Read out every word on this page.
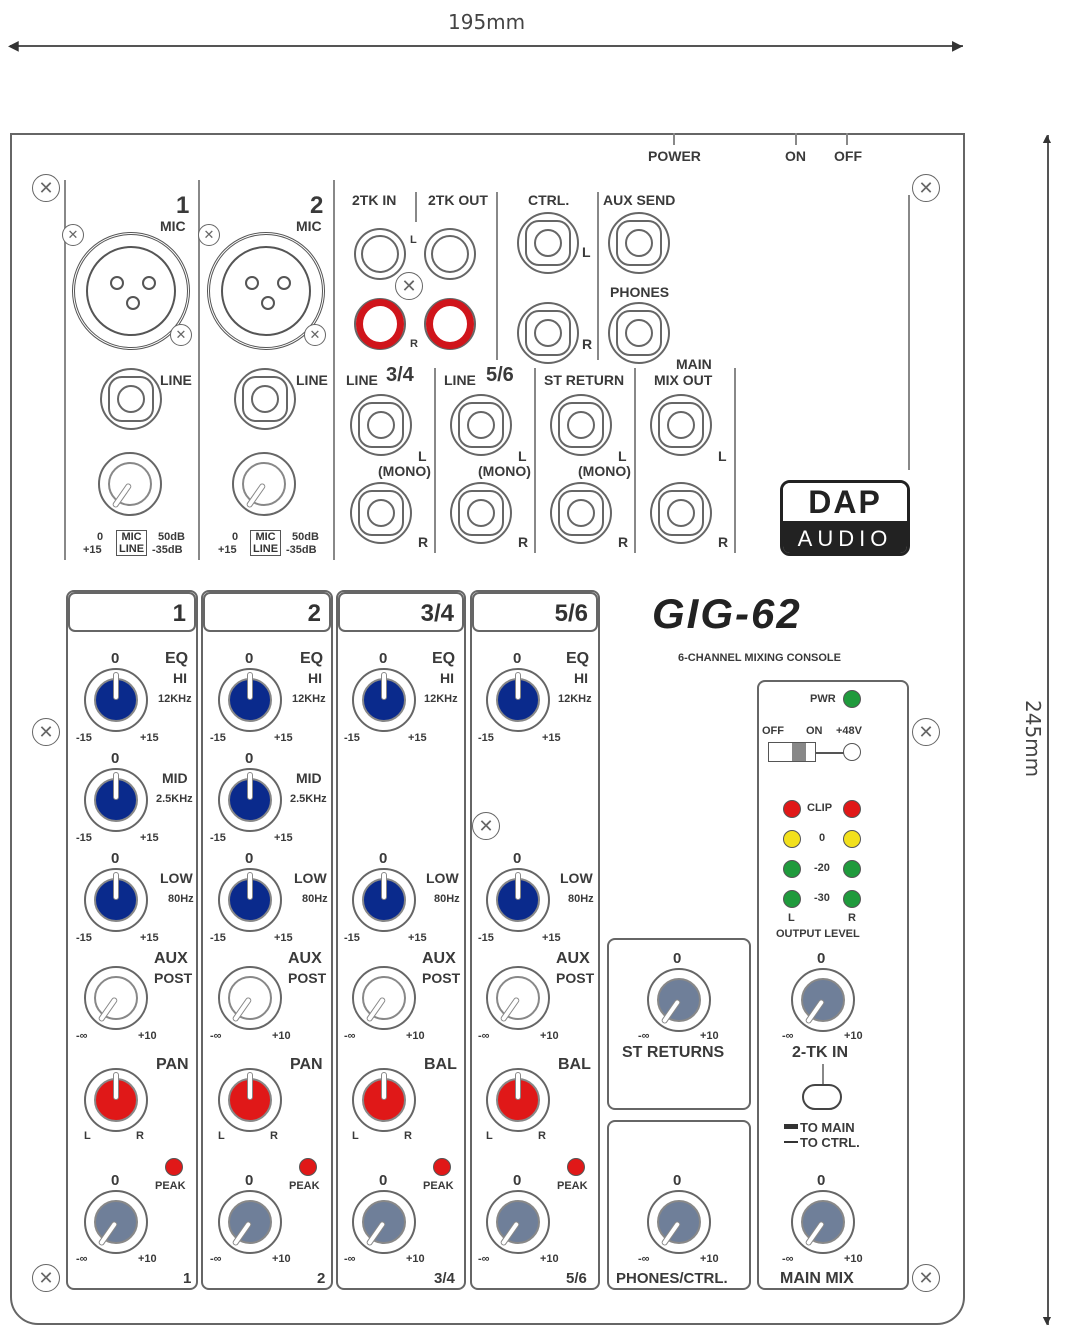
195mm
◀	▶
▲
▼
245mm
POWER	ON OFF
✕	✕
✕	✕
✕	✕
✕
✕
1
MIC
✕
✕
LINE
0
+15
MIC
LINE
50dB
-35dB
2
MIC
✕
✕
LINE
0
+15
MIC
LINE
50dB
-35dB
2TK IN 2TK OUT
L
R
CTRL.
L
R
AUX SEND
PHONES
LINE 3/4 LINE 5/6 ST RETURN
MAIN
MIX OUT
L
(MONO)
R
L
(MONO)
R
L
(MONO)
R
L
R
DAP
AUDIO
GIG-62
6-CHANNEL MIXING CONSOLE
1	2	3/4	5/6
EQ
HI
12KHz
0
-15	+15
MID
2.5KHz
0
-15	+15
LOW
80Hz
0
-15	+15
AUX
POST
-∞	+10
PAN
L	R
PEAK
0
-∞	+10
1
EQ
HI
12KHz
0
-15	+15
MID
2.5KHz
0
-15	+15
LOW
80Hz
0
-15	+15
AUX
POST
-∞	+10
PAN
L	R
PEAK
0
-∞	+10
2
EQ
HI
12KHz
0
-15	+15
LOW
80Hz
0
-15	+15
AUX
POST
-∞	+10
BAL
L	R
PEAK
0
-∞	+10
3/4
EQ
HI
12KHz
0
-15	+15
LOW
80Hz
0
-15	+15
AUX
POST
-∞	+10
BAL
L	R
PEAK
0
-∞	+10
5/6
0
-∞	+10
ST RETURNS
0
-∞	+10
PHONES/CTRL.
PWR
OFF ON +48V
CLIP
0
-20
-30
L	R
OUTPUT LEVEL
0
-∞	+10
2-TK IN
TO MAIN
TO CTRL.
0
-∞	+10
MAIN MIX
